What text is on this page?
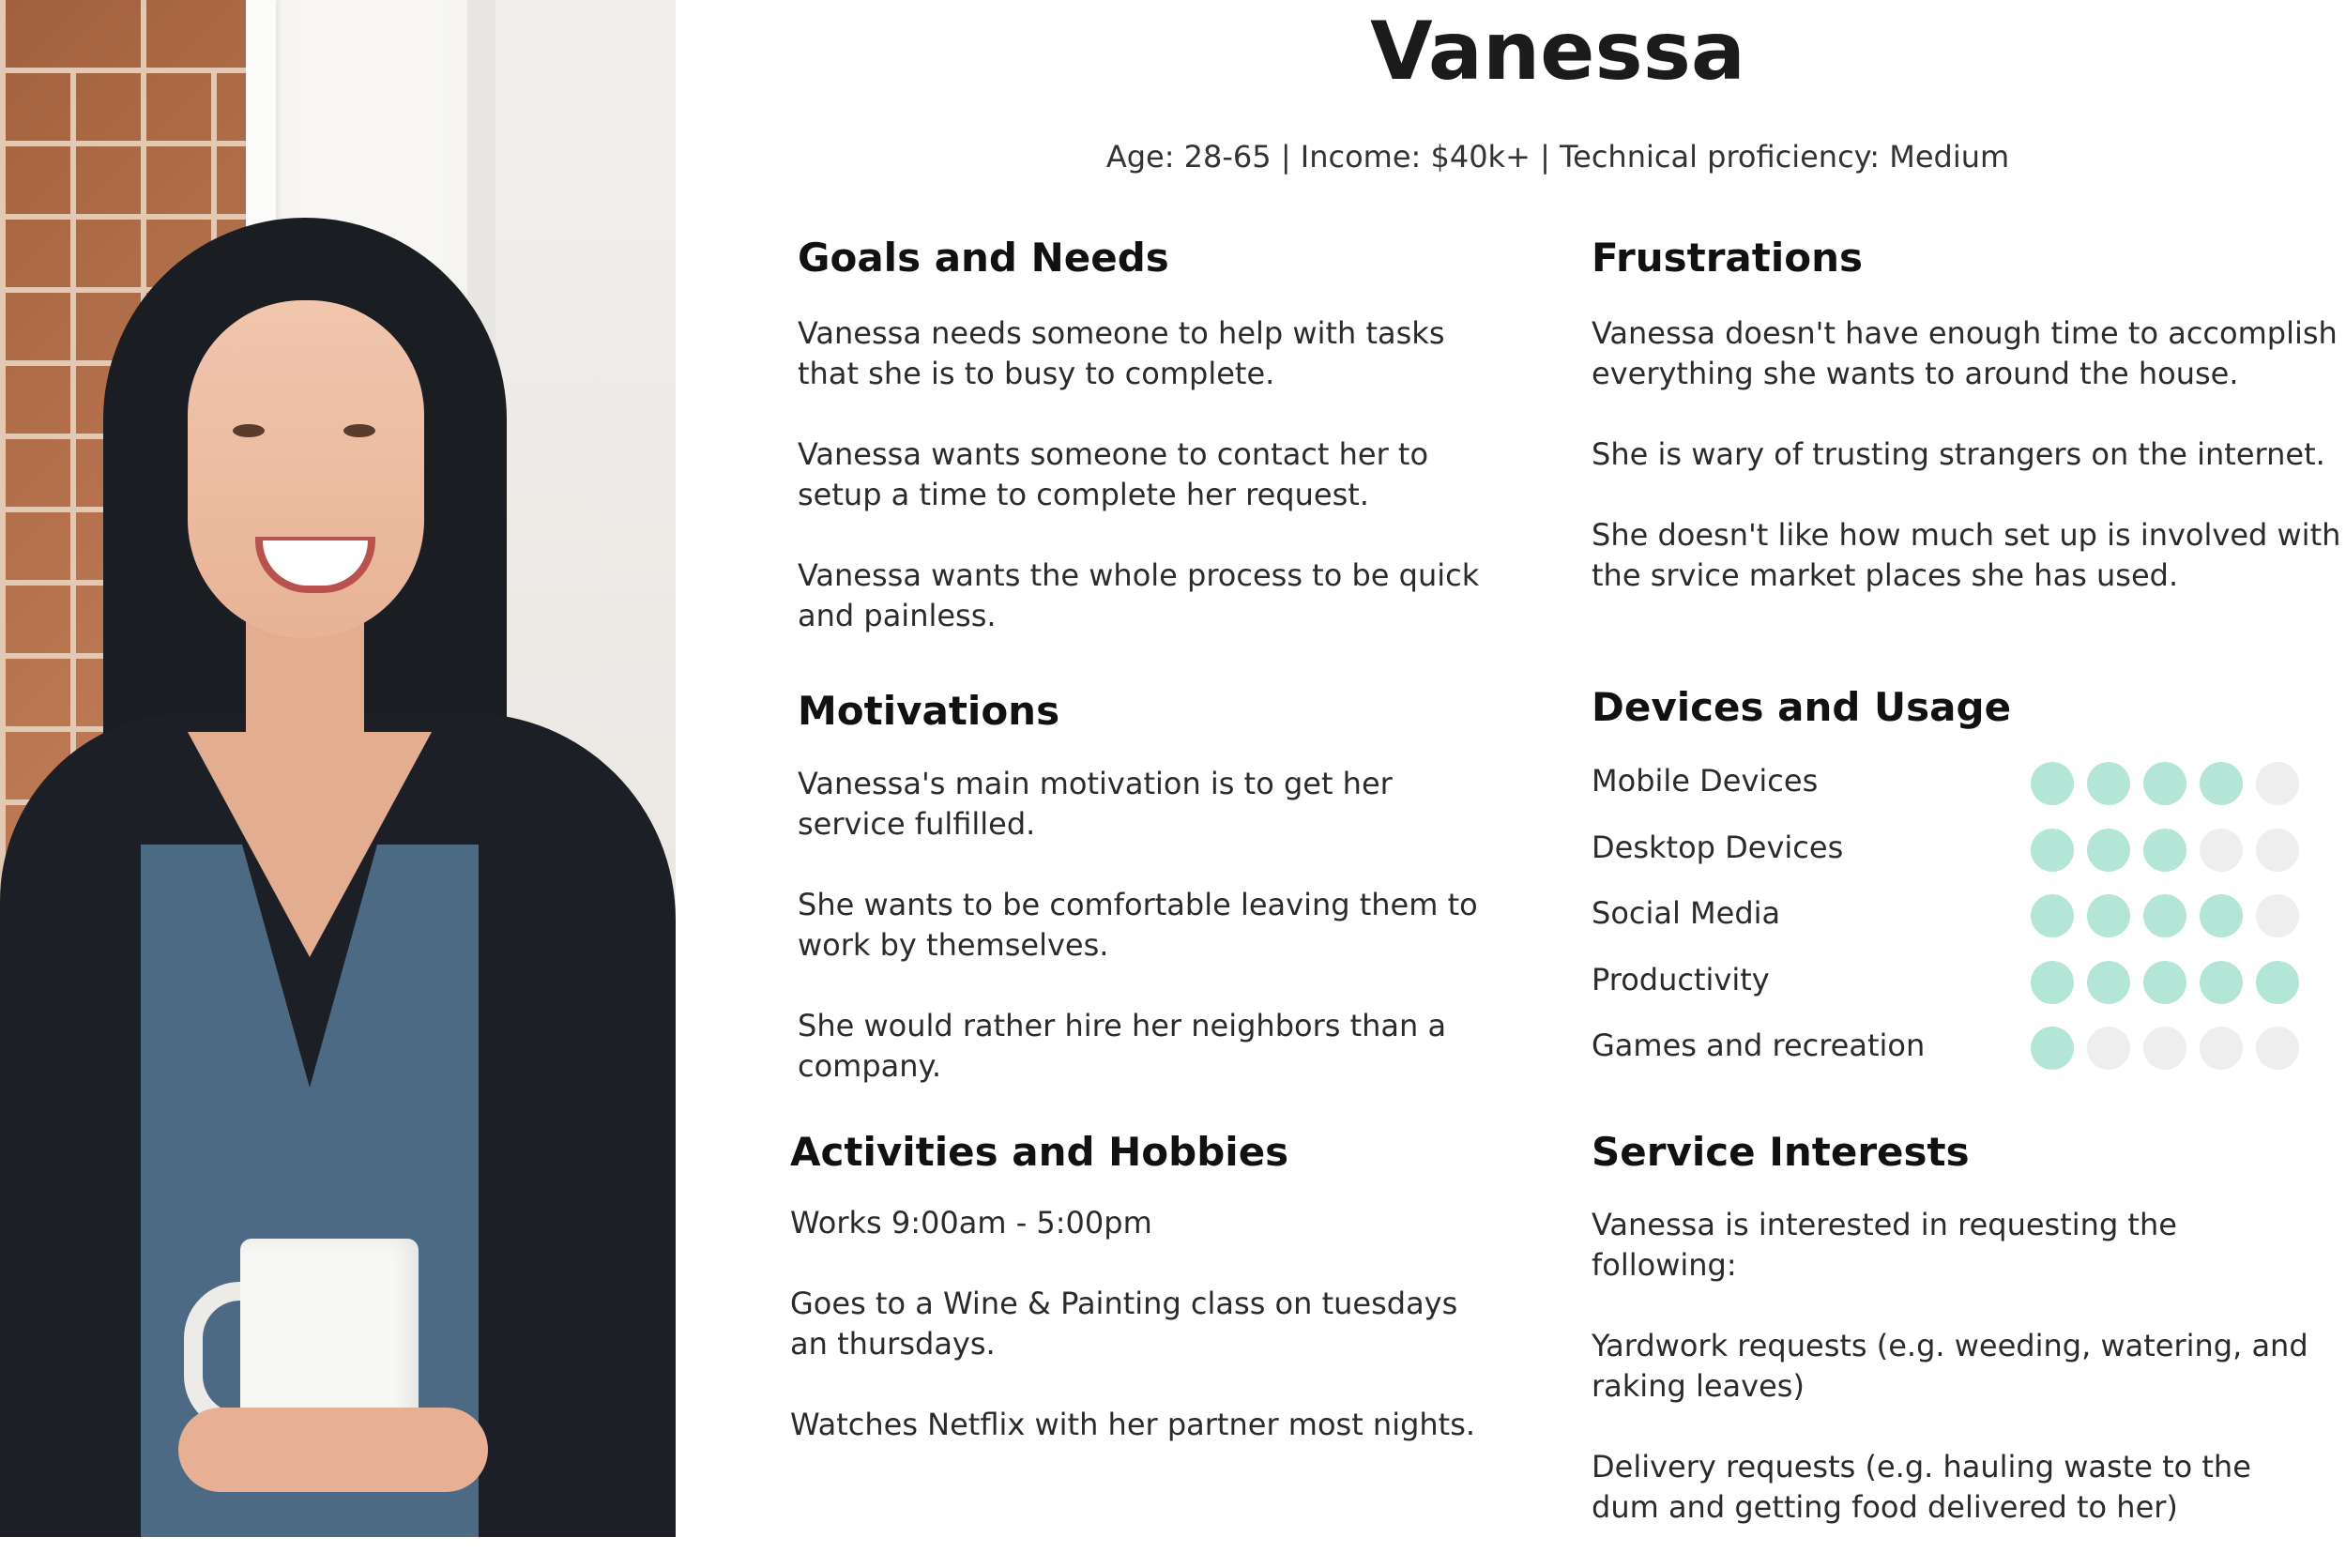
Vanessa

Age: 28-65 | Income: $40k+ | Technical proficiency: Medium

Goals and Needs

Vanessa needs someone to help with tasks that she is to busy to complete.

Vanessa wants someone to contact her to setup a time to complete her request.

Vanessa wants the whole process to be quick and painless.

Frustrations

Vanessa doesn't have enough time to accomplish everything she wants to around the house.

She is wary of trusting strangers on the internet.

She doesn't like how much set up is involved with the srvice market places she has used.

Motivations

Vanessa's main motivation is to get her service fulfilled.

She wants to be comfortable leaving them to work by themselves.

She would rather hire her neighbors than a company.

Devices and Usage
Mobile Devices
Desktop Devices
Social Media
Productivity
Games and recreation
Activities and Hobbies

Works 9:00am - 5:00pm

Goes to a Wine & Painting class on tuesdays an thursdays.

Watches Netflix with her partner most nights.

Service Interests

Vanessa is interested in requesting the following:

Yardwork requests (e.g. weeding, watering, and raking leaves)

Delivery requests (e.g. hauling waste to the dum and getting food delivered to her)
